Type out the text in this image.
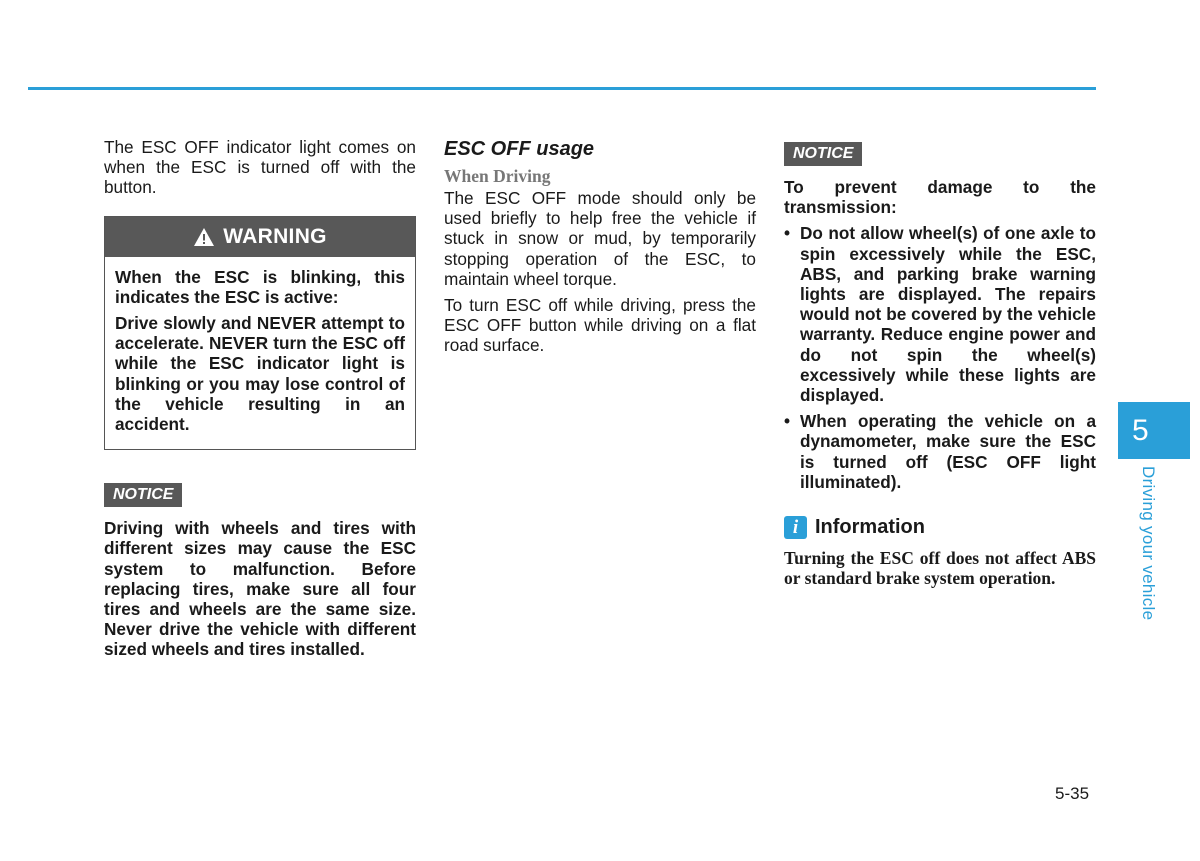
The ESC OFF indicator light comes on when the ESC is turned off with the button.

WARNING

When the ESC is blinking, this indicates the ESC is active:

Drive slowly and NEVER attempt to accelerate. NEVER turn the ESC off while the ESC indicator light is blinking or you may lose control of the vehicle resulting in an accident.

NOTICE

Driving with wheels and tires with different sizes may cause the ESC system to malfunction. Before replacing tires, make sure all four tires and wheels are the same size. Never drive the vehicle with different sized wheels and tires installed.

ESC OFF usage
When Driving

The ESC OFF mode should only be used briefly to help free the vehicle if stuck in snow or mud, by temporarily stopping operation of the ESC, to maintain wheel torque.

To turn ESC off while driving, press the ESC OFF button while driving on a flat road surface.

NOTICE

To prevent damage to the transmission:

• Do not allow wheel(s) of one axle to spin excessively while the ESC, ABS, and parking brake warning lights are displayed. The repairs would not be covered by the vehicle warranty. Reduce engine power and do not spin the wheel(s) excessively while these lights are displayed.
• When operating the vehicle on a dynamometer, make sure the ESC is turned off (ESC OFF light illuminated).
i Information

Turning the ESC off does not affect ABS or standard brake system operation.

5
Driving your vehicle
5-35
